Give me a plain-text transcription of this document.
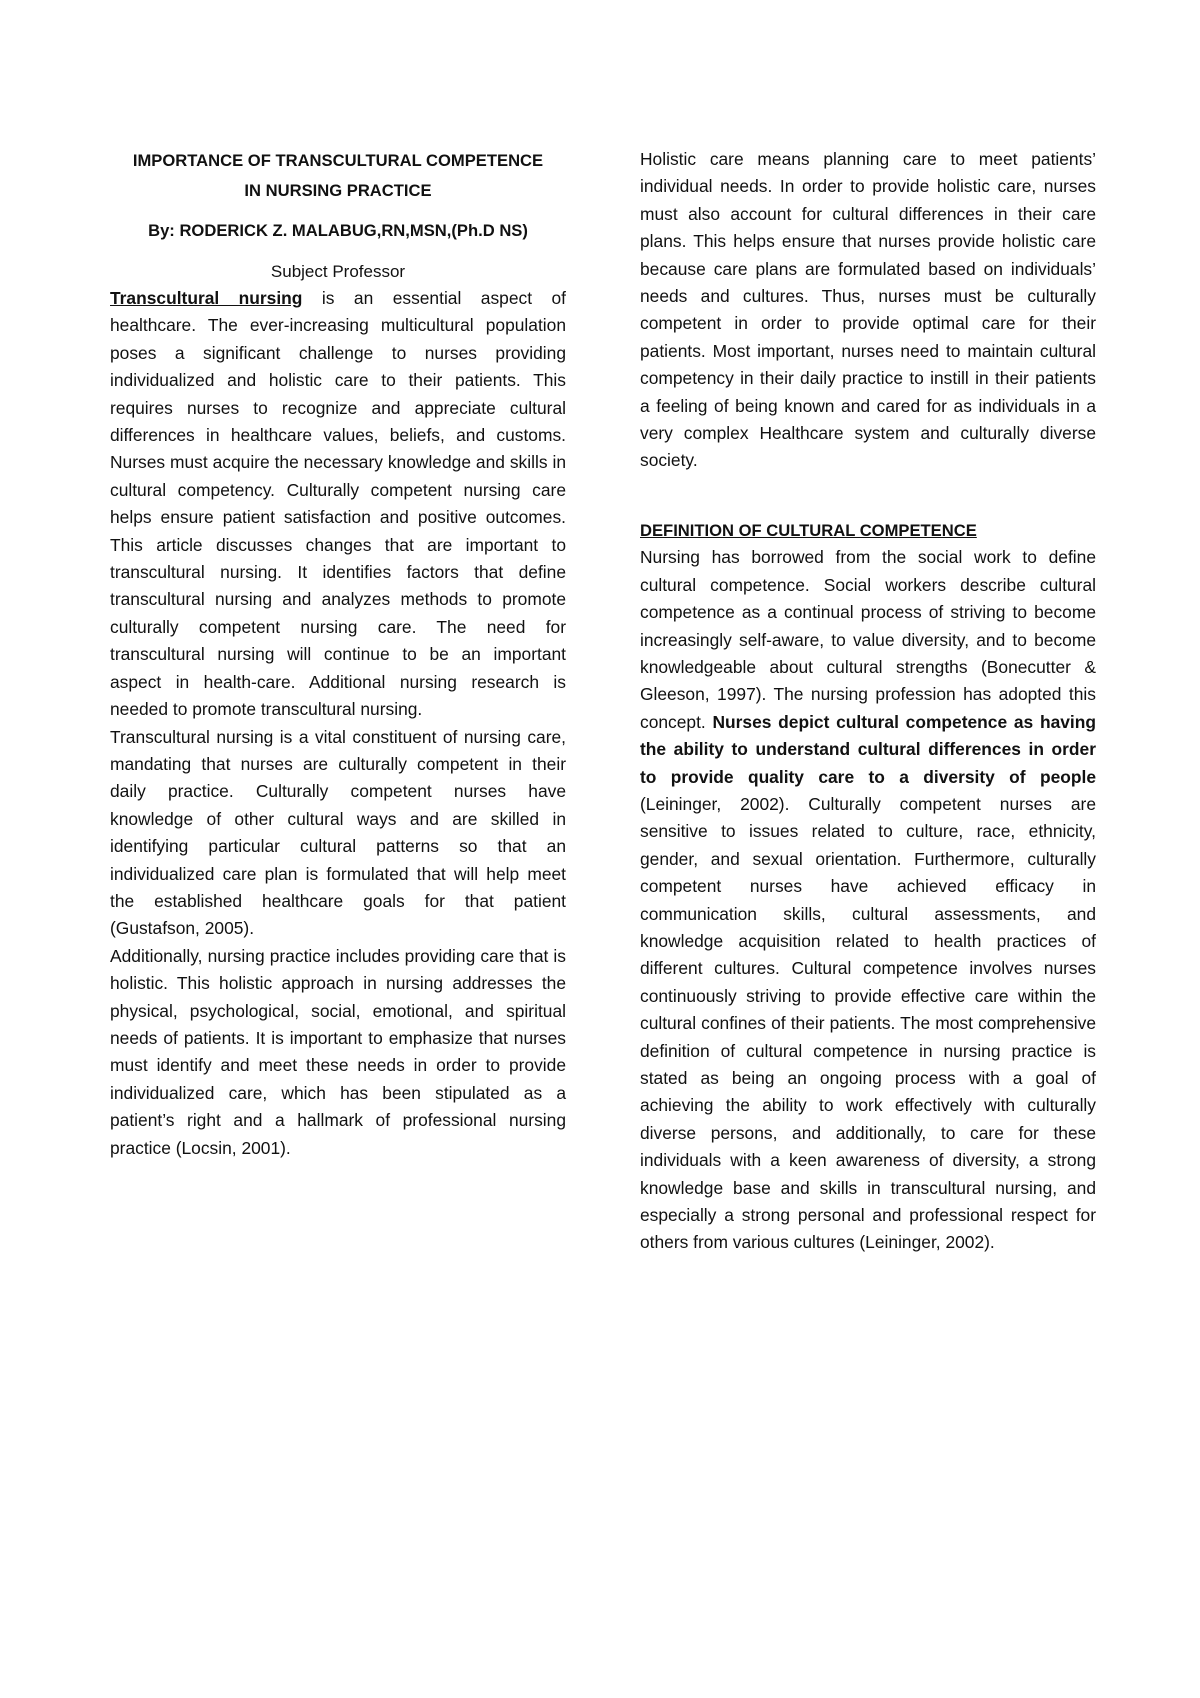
IMPORTANCE OF TRANSCULTURAL COMPETENCE
IN NURSING PRACTICE

By: RODERICK Z. MALABUG,RN,MSN,(Ph.D NS)

Subject Professor

Transcultural nursing is an essential aspect of healthcare. The ever-increasing multicultural population poses a significant challenge to nurses providing individualized and holistic care to their patients. This requires nurses to recognize and appreciate cultural differences in healthcare values, beliefs, and customs. Nurses must acquire the necessary knowledge and skills in cultural competency. Culturally competent nursing care helps ensure patient satisfaction and positive outcomes. This article discusses changes that are important to transcultural nursing. It identifies factors that define transcultural nursing and analyzes methods to promote culturally competent nursing care. The need for transcultural nursing will continue to be an important aspect in health-care. Additional nursing research is needed to promote transcultural nursing.

Transcultural nursing is a vital constituent of nursing care, mandating that nurses are culturally competent in their daily practice. Culturally competent nurses have knowledge of other cultural ways and are skilled in identifying particular cultural patterns so that an individualized care plan is formulated that will help meet the established healthcare goals for that patient (Gustafson, 2005).

Additionally, nursing practice includes providing care that is holistic. This holistic approach in nursing addresses the physical, psychological, social, emotional, and spiritual needs of patients. It is important to emphasize that nurses must identify and meet these needs in order to provide individualized care, which has been stipulated as a patient’s right and a hallmark of professional nursing practice (Locsin, 2001).

Holistic care means planning care to meet patients’ individual needs. In order to provide holistic care, nurses must also account for cultural differences in their care plans. This helps ensure that nurses provide holistic care because care plans are formulated based on individuals’ needs and cultures. Thus, nurses must be culturally competent in order to provide optimal care for their patients. Most important, nurses need to maintain cultural competency in their daily practice to instill in their patients a feeling of being known and cared for as individuals in a very complex Healthcare system and culturally diverse society.

DEFINITION OF CULTURAL COMPETENCE

Nursing has borrowed from the social work to define cultural competence. Social workers describe cultural competence as a continual process of striving to become increasingly self-aware, to value diversity, and to become knowledgeable about cultural strengths (Bonecutter & Gleeson, 1997). The nursing profession has adopted this concept. Nurses depict cultural competence as having the ability to understand cultural differences in order to provide quality care to a diversity of people (Leininger, 2002). Culturally competent nurses are sensitive to issues related to culture, race, ethnicity, gender, and sexual orientation. Furthermore, culturally competent nurses have achieved efficacy in communication skills, cultural assessments, and knowledge acquisition related to health practices of different cultures. Cultural competence involves nurses continuously striving to provide effective care within the cultural confines of their patients. The most comprehensive definition of cultural competence in nursing practice is stated as being an ongoing process with a goal of achieving the ability to work effectively with culturally diverse persons, and additionally, to care for these individuals with a keen awareness of diversity, a strong knowledge base and skills in transcultural nursing, and especially a strong personal and professional respect for others from various cultures (Leininger, 2002).
